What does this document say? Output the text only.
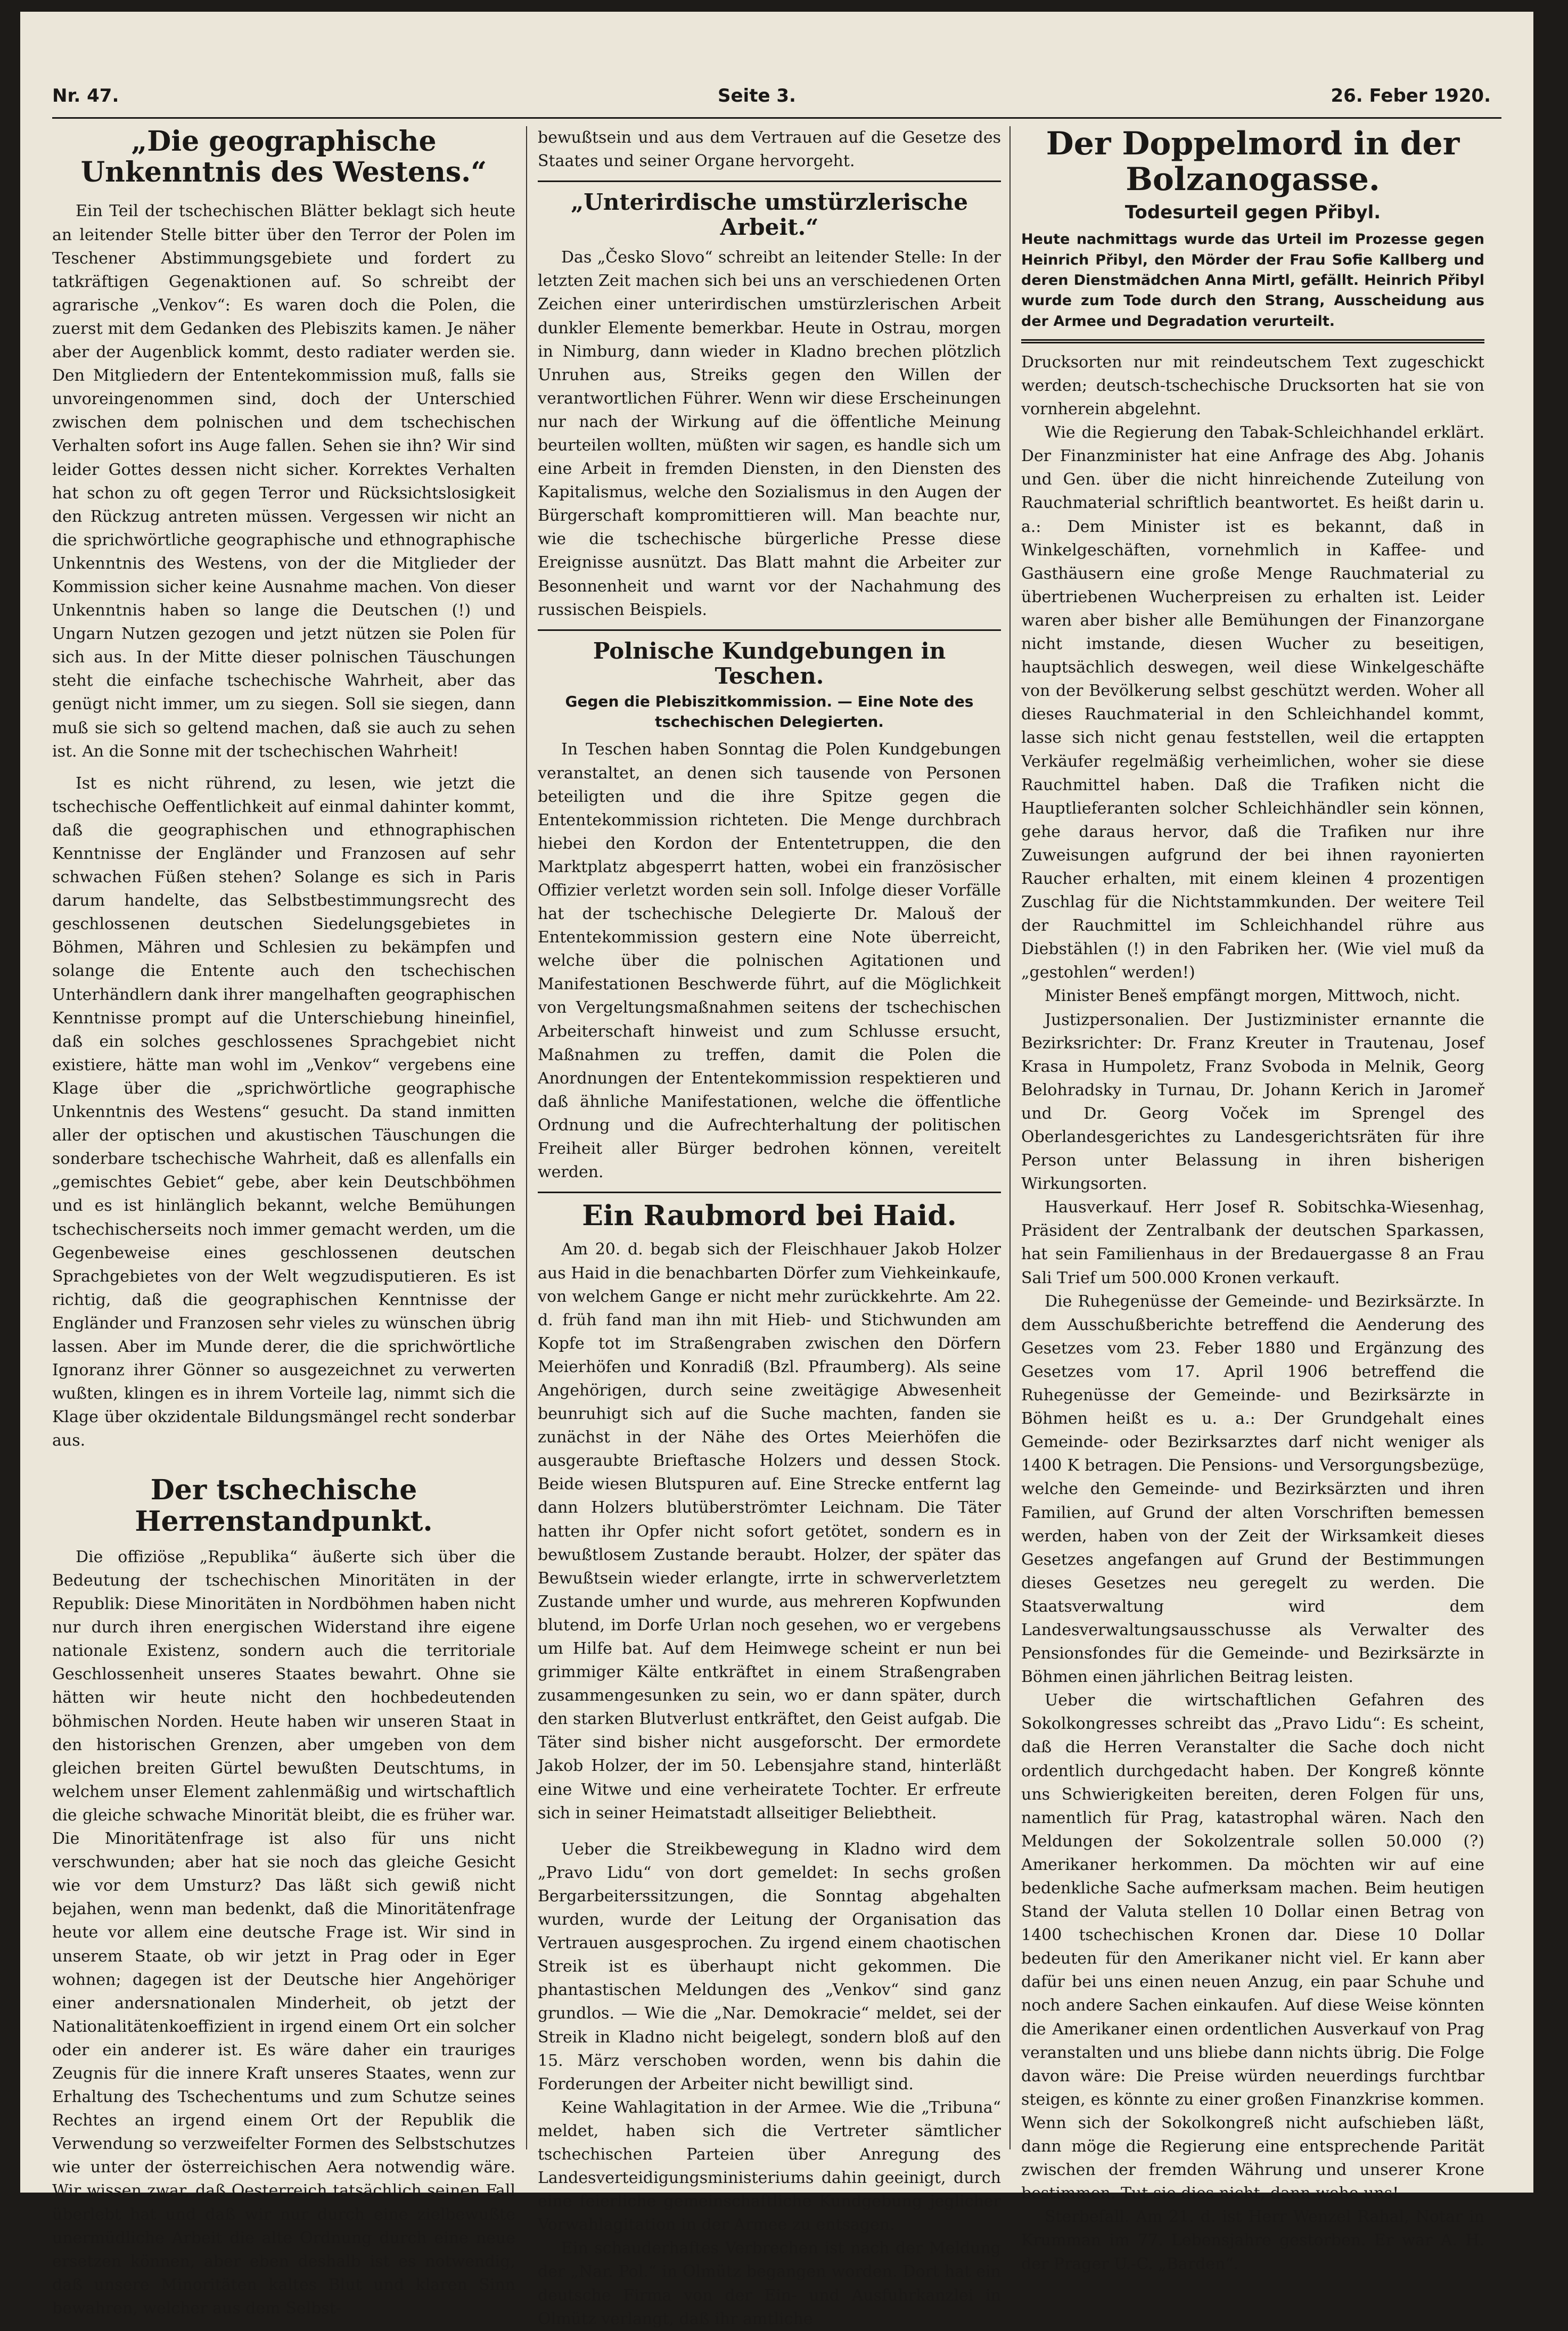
Nr. 47.	Seite 3.	26. Feber 1920.
„Die geographische Unkenntnis des Westens.“

Ein Teil der tschechischen Blätter beklagt sich heute an leitender Stelle bitter über den Terror der Polen im Teschener Abstimmungsgebiete und fordert zu tatkräftigen Gegenaktionen auf. So schreibt der agrarische „Venkov“: Es waren doch die Polen, die zuerst mit dem Gedanken des Plebiszits kamen. Je näher aber der Augenblick kommt, desto radiater werden sie. Den Mitgliedern der Ententekommission muß, falls sie unvoreingenommen sind, doch der Unterschied zwischen dem polnischen und dem tschechischen Verhalten sofort ins Auge fallen. Sehen sie ihn? Wir sind leider Gottes dessen nicht sicher. Korrektes Verhalten hat schon zu oft gegen Terror und Rücksichtslosigkeit den Rückzug antreten müssen. Vergessen wir nicht an die sprichwörtliche geographische und ethnographische Unkenntnis des Westens, von der die Mitglieder der Kommission sicher keine Ausnahme machen. Von dieser Unkenntnis haben so lange die Deutschen (!) und Ungarn Nutzen gezogen und jetzt nützen sie Polen für sich aus. In der Mitte dieser polnischen Täuschungen steht die einfache tschechische Wahrheit, aber das genügt nicht immer, um zu siegen. Soll sie siegen, dann muß sie sich so geltend machen, daß sie auch zu sehen ist. An die Sonne mit der tschechischen Wahrheit!

Ist es nicht rührend, zu lesen, wie jetzt die tschechische Oeffentlichkeit auf einmal dahinter kommt, daß die geographischen und ethnographischen Kenntnisse der Engländer und Franzosen auf sehr schwachen Füßen stehen? Solange es sich in Paris darum handelte, das Selbstbestimmungsrecht des geschlossenen deutschen Siedelungsgebietes in Böhmen, Mähren und Schlesien zu bekämpfen und solange die Entente auch den tschechischen Unterhändlern dank ihrer mangelhaften geographischen Kenntnisse prompt auf die Unterschiebung hineinfiel, daß ein solches geschlossenes Sprachgebiet nicht existiere, hätte man wohl im „Venkov“ vergebens eine Klage über die „sprichwörtliche geographische Unkenntnis des Westens“ gesucht. Da stand inmitten aller der optischen und akustischen Täuschungen die sonderbare tschechische Wahrheit, daß es allenfalls ein „gemischtes Gebiet“ gebe, aber kein Deutschböhmen und es ist hinlänglich bekannt, welche Bemühungen tschechischerseits noch immer gemacht werden, um die Gegenbeweise eines geschlossenen deutschen Sprachgebietes von der Welt wegzudisputieren. Es ist richtig, daß die geographischen Kenntnisse der Engländer und Franzosen sehr vieles zu wünschen übrig lassen. Aber im Munde derer, die die sprichwörtliche Ignoranz ihrer Gönner so ausgezeichnet zu verwerten wußten, klingen es in ihrem Vorteile lag, nimmt sich die Klage über okzidentale Bildungsmängel recht sonderbar aus.

Der tschechische Herrenstandpunkt.

Die offiziöse „Republika“ äußerte sich über die Bedeutung der tschechischen Minoritäten in der Republik: Diese Minoritäten in Nordböhmen haben nicht nur durch ihren energischen Widerstand ihre eigene nationale Existenz, sondern auch die territoriale Geschlossenheit unseres Staates bewahrt. Ohne sie hätten wir heute nicht den hochbedeutenden böhmischen Norden. Heute haben wir unseren Staat in den historischen Grenzen, aber umgeben von dem gleichen breiten Gürtel bewußten Deutschtums, in welchem unser Element zahlenmäßig und wirtschaftlich die gleiche schwache Minorität bleibt, die es früher war. Die Minoritätenfrage ist also für uns nicht verschwunden; aber hat sie noch das gleiche Gesicht wie vor dem Umsturz? Das läßt sich gewiß nicht bejahen, wenn man bedenkt, daß die Minoritätenfrage heute vor allem eine deutsche Frage ist. Wir sind in unserem Staate, ob wir jetzt in Prag oder in Eger wohnen; dagegen ist der Deutsche hier Angehöriger einer andersnationalen Minderheit, ob jetzt der Nationalitätenkoeffizient in irgend einem Ort ein solcher oder ein anderer ist. Es wäre daher ein trauriges Zeugnis für die innere Kraft unseres Staates, wenn zur Erhaltung des Tschechentums und zum Schutze seines Rechtes an irgend einem Ort der Republik die Verwendung so verzweifelter Formen des Selbstschutzes wie unter der österreichischen Aera notwendig wäre. Wir wissen zwar, daß Oesterreich tatsächlich seinen Fall überlebt hat und daß wir nur durch eine zielbewußte unermüdliche Arbeit die alte Ordnung durch eine neue ersetzen können, aber eben deshalb ist es notwendig, daß unsere Minoritäten kaltes Blut und klaren Sinn bewahren, welcher aus dem Selbst-

bewußtsein und aus dem Vertrauen auf die Gesetze des Staates und seiner Organe hervorgeht.

„Unterirdische umstürzlerische Arbeit.“

Das „Česko Slovo“ schreibt an leitender Stelle: In der letzten Zeit machen sich bei uns an verschiedenen Orten Zeichen einer unterirdischen umstürzlerischen Arbeit dunkler Elemente bemerkbar. Heute in Ostrau, morgen in Nimburg, dann wieder in Kladno brechen plötzlich Unruhen aus, Streiks gegen den Willen der verantwortlichen Führer. Wenn wir diese Erscheinungen nur nach der Wirkung auf die öffentliche Meinung beurteilen wollten, müßten wir sagen, es handle sich um eine Arbeit in fremden Diensten, in den Diensten des Kapitalismus, welche den Sozialismus in den Augen der Bürgerschaft kompromittieren will. Man beachte nur, wie die tschechische bürgerliche Presse diese Ereignisse ausnützt. Das Blatt mahnt die Arbeiter zur Besonnenheit und warnt vor der Nachahmung des russischen Beispiels.

Polnische Kundgebungen in Teschen.
Gegen die Plebiszitkommission. — Eine Note des tschechischen Delegierten.

In Teschen haben Sonntag die Polen Kundgebungen veranstaltet, an denen sich tausende von Personen beteiligten und die ihre Spitze gegen die Ententekommission richteten. Die Menge durchbrach hiebei den Kordon der Ententetruppen, die den Marktplatz abgesperrt hatten, wobei ein französischer Offizier verletzt worden sein soll. Infolge dieser Vorfälle hat der tschechische Delegierte Dr. Malouš der Ententekommission gestern eine Note überreicht, welche über die polnischen Agitationen und Manifestationen Beschwerde führt, auf die Möglichkeit von Vergeltungsmaßnahmen seitens der tschechischen Arbeiterschaft hinweist und zum Schlusse ersucht, Maßnahmen zu treffen, damit die Polen die Anordnungen der Ententekommission respektieren und daß ähnliche Manifestationen, welche die öffentliche Ordnung und die Aufrechterhaltung der politischen Freiheit aller Bürger bedrohen können, vereitelt werden.

Ein Raubmord bei Haid.

Am 20. d. begab sich der Fleischhauer Jakob Holzer aus Haid in die benachbarten Dörfer zum Viehkeinkaufe, von welchem Gange er nicht mehr zurückkehrte. Am 22. d. früh fand man ihn mit Hieb- und Stichwunden am Kopfe tot im Straßengraben zwischen den Dörfern Meierhöfen und Konradiß (Bzl. Pfraumberg). Als seine Angehörigen, durch seine zweitägige Abwesenheit beunruhigt sich auf die Suche machten, fanden sie zunächst in der Nähe des Ortes Meierhöfen die ausgeraubte Brieftasche Holzers und dessen Stock. Beide wiesen Blutspuren auf. Eine Strecke entfernt lag dann Holzers blutüberströmter Leichnam. Die Täter hatten ihr Opfer nicht sofort getötet, sondern es in bewußtlosem Zustande beraubt. Holzer, der später das Bewußtsein wieder erlangte, irrte in schwerverletztem Zustande umher und wurde, aus mehreren Kopfwunden blutend, im Dorfe Urlan noch gesehen, wo er vergebens um Hilfe bat. Auf dem Heimwege scheint er nun bei grimmiger Kälte entkräftet in einem Straßengraben zusammengesunken zu sein, wo er dann später, durch den starken Blutverlust entkräftet, den Geist aufgab. Die Täter sind bisher nicht ausgeforscht. Der ermordete Jakob Holzer, der im 50. Lebensjahre stand, hinterläßt eine Witwe und eine verheiratete Tochter. Er erfreute sich in seiner Heimatstadt allseitiger Beliebtheit.

Ueber die Streikbewegung in Kladno wird dem „Pravo Lidu“ von dort gemeldet: In sechs großen Bergarbeiterssitzungen, die Sonntag abgehalten wurden, wurde der Leitung der Organisation das Vertrauen ausgesprochen. Zu irgend einem chaotischen Streik ist es überhaupt nicht gekommen. Die phantastischen Meldungen des „Venkov“ sind ganz grundlos. — Wie die „Nar. Demokracie“ meldet, sei der Streik in Kladno nicht beigelegt, sondern bloß auf den 15. März verschoben worden, wenn bis dahin die Forderungen der Arbeiter nicht bewilligt sind.

Keine Wahlagitation in der Armee. Wie die „Tribuna“ meldet, haben sich die Vertreter sämtlicher tschechischen Parteien über Anregung des Landesverteidigungsministeriums dahin geeinigt, durch eine feierliche gemeinschaftliche Kundgebung jeglicher Vorwahlagitation in der Armee zu entsagen.

Ein schauderhaftes Verbrechen ist nach der Meldung der „Nar. Pol.“ in Olmütz begangen worden. Dort hat ein deutsche Firma von der Ein- und Ausfuhrkanzlei in Olmütz verlangt, daß ihr amtliche

Der Doppelmord in der Bolzanogasse.
Todesurteil gegen Přibyl.
Heute nachmittags wurde das Urteil im Prozesse gegen Heinrich Přibyl, den Mörder der Frau Sofie Kallberg und deren Dienstmädchen Anna Mirtl, gefällt. Heinrich Přibyl wurde zum Tode durch den Strang, Ausscheidung aus der Armee und Degradation verurteilt.

Drucksorten nur mit reindeutschem Text zugeschickt werden; deutsch-tschechische Drucksorten hat sie von vornherein abgelehnt.

Wie die Regierung den Tabak-Schleichhandel erklärt. Der Finanzminister hat eine Anfrage des Abg. Johanis und Gen. über die nicht hinreichende Zuteilung von Rauchmaterial schriftlich beantwortet. Es heißt darin u. a.: Dem Minister ist es bekannt, daß in Winkelgeschäften, vornehmlich in Kaffee- und Gasthäusern eine große Menge Rauchmaterial zu übertriebenen Wucherpreisen zu erhalten ist. Leider waren aber bisher alle Bemühungen der Finanzorgane nicht imstande, diesen Wucher zu beseitigen, hauptsächlich deswegen, weil diese Winkelgeschäfte von der Bevölkerung selbst geschützt werden. Woher all dieses Rauchmaterial in den Schleichhandel kommt, lasse sich nicht genau feststellen, weil die ertappten Verkäufer regelmäßig verheimlichen, woher sie diese Rauchmittel haben. Daß die Trafiken nicht die Hauptlieferanten solcher Schleichhändler sein können, gehe daraus hervor, daß die Trafiken nur ihre Zuweisungen aufgrund der bei ihnen rayonierten Raucher erhalten, mit einem kleinen 4 prozentigen Zuschlag für die Nichtstammkunden. Der weitere Teil der Rauchmittel im Schleichhandel rühre aus Diebstählen (!) in den Fabriken her. (Wie viel muß da „gestohlen“ werden!)

Minister Beneš empfängt morgen, Mittwoch, nicht.

Justizpersonalien. Der Justizminister ernannte die Bezirksrichter: Dr. Franz Kreuter in Trautenau, Josef Krasa in Humpoletz, Franz Svoboda in Melnik, Georg Belohradsky in Turnau, Dr. Johann Kerich in Jaromeř und Dr. Georg Voček im Sprengel des Oberlandesgerichtes zu Landesgerichtsräten für ihre Person unter Belassung in ihren bisherigen Wirkungsorten.

Hausverkauf. Herr Josef R. Sobitschka-Wiesenhag, Präsident der Zentralbank der deutschen Sparkassen, hat sein Familienhaus in der Bredauergasse 8 an Frau Sali Trief um 500.000 Kronen verkauft.

Die Ruhegenüsse der Gemeinde- und Bezirksärzte. In dem Ausschußberichte betreffend die Aenderung des Gesetzes vom 23. Feber 1880 und Ergänzung des Gesetzes vom 17. April 1906 betreffend die Ruhegenüsse der Gemeinde- und Bezirksärzte in Böhmen heißt es u. a.: Der Grundgehalt eines Gemeinde- oder Bezirksarztes darf nicht weniger als 1400 K betragen. Die Pensions- und Versorgungsbezüge, welche den Gemeinde- und Bezirksärzten und ihren Familien, auf Grund der alten Vorschriften bemessen werden, haben von der Zeit der Wirksamkeit dieses Gesetzes angefangen auf Grund der Bestimmungen dieses Gesetzes neu geregelt zu werden. Die Staatsverwaltung wird dem Landesverwaltungsausschusse als Verwalter des Pensionsfondes für die Gemeinde- und Bezirksärzte in Böhmen einen jährlichen Beitrag leisten.

Ueber die wirtschaftlichen Gefahren des Sokolkongresses schreibt das „Pravo Lidu“: Es scheint, daß die Herren Veranstalter die Sache doch nicht ordentlich durchgedacht haben. Der Kongreß könnte uns Schwierigkeiten bereiten, deren Folgen für uns, namentlich für Prag, katastrophal wären. Nach den Meldungen der Sokolzentrale sollen 50.000 (?) Amerikaner herkommen. Da möchten wir auf eine bedenkliche Sache aufmerksam machen. Beim heutigen Stand der Valuta stellen 10 Dollar einen Betrag von 1400 tschechischen Kronen dar. Diese 10 Dollar bedeuten für den Amerikaner nicht viel. Er kann aber dafür bei uns einen neuen Anzug, ein paar Schuhe und noch andere Sachen einkaufen. Auf diese Weise könnten die Amerikaner einen ordentlichen Ausverkauf von Prag veranstalten und uns bliebe dann nichts übrig. Die Folge davon wäre: Die Preise würden neuerdings furchtbar steigen, es könnte zu einer großen Finanzkrise kommen. Wenn sich der Sokolkongreß nicht aufschieben läßt, dann möge die Regierung eine entsprechende Parität zwischen der fremden Währung und unserer Krone bestimmen. Tut sie dies nicht, dann wehe uns!

Sterbefall. Am 21. d. ist Herr Wenzel Rahal, Notar in Krumman im 77. Lebensjahre gestorben. Er war A. H. der Prager U.-C. „Barden“.
